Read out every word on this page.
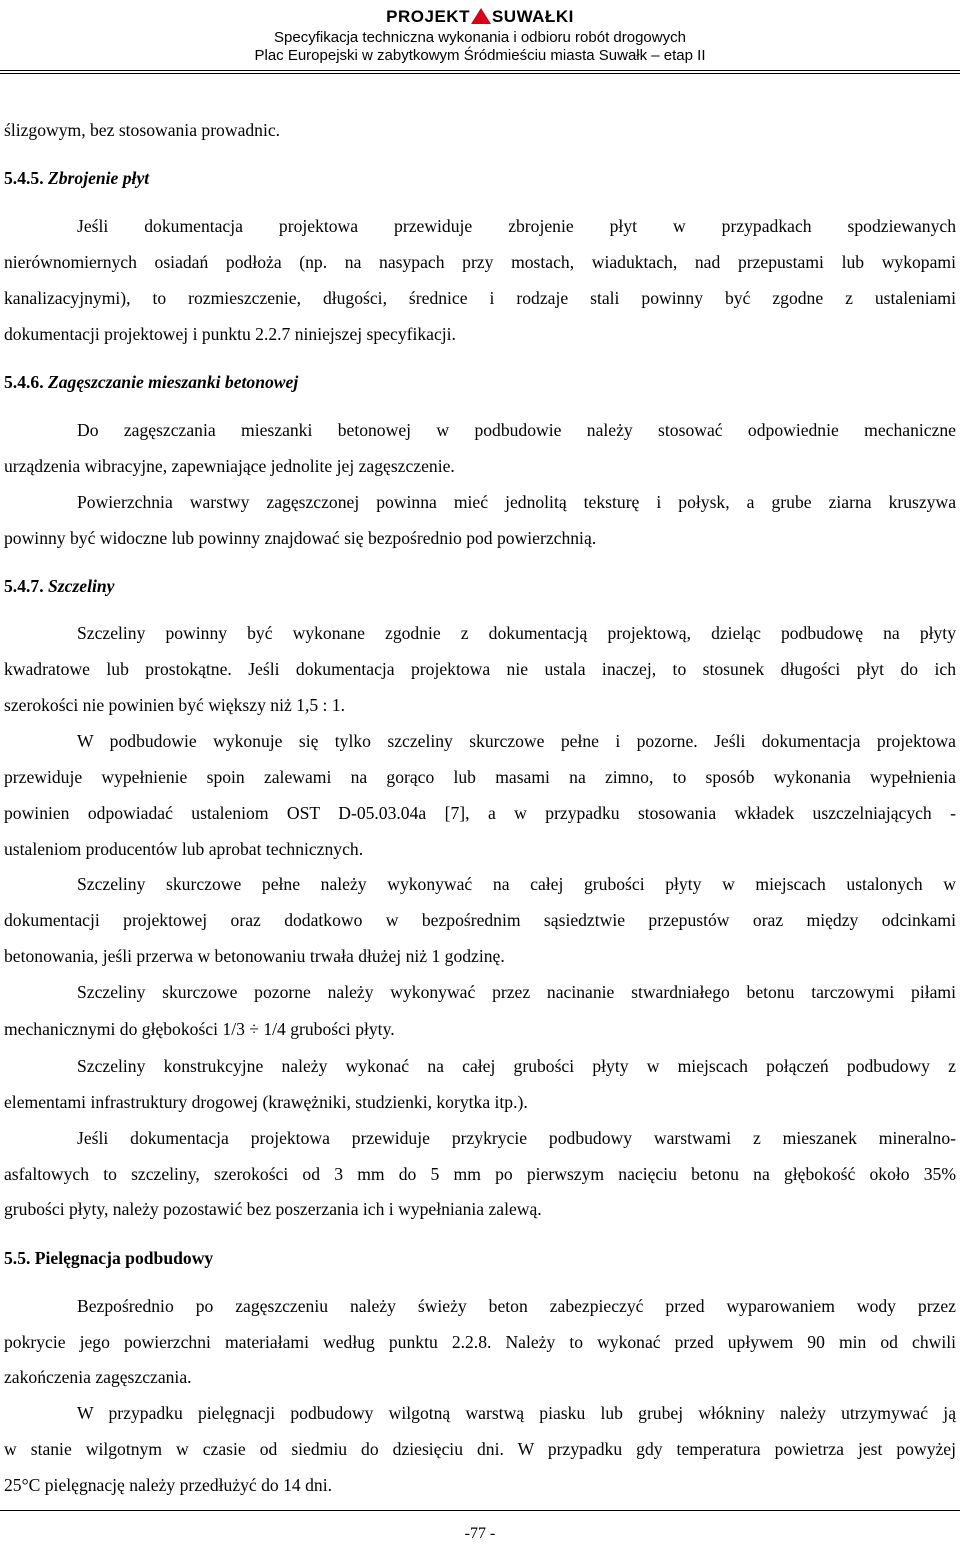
PROJEKT SUWAŁKI
Specyfikacja techniczna wykonania i odbioru robót drogowych
Plac Europejski w zabytkowym Śródmieściu miasta Suwałk – etap II
ślizgowym, bez stosowania prowadnic.
5.4.5. Zbrojenie płyt
Jeśli dokumentacja projektowa przewiduje zbrojenie płyt w przypadkach spodziewanych
nierównomiernych osiadań podłoża (np. na nasypach przy mostach, wiaduktach, nad przepustami lub wykopami
kanalizacyjnymi), to rozmieszczenie, długości, średnice i rodzaje stali powinny być zgodne z ustaleniami
dokumentacji projektowej i punktu 2.2.7 niniejszej specyfikacji.
5.4.6. Zagęszczanie mieszanki betonowej
Do zagęszczania mieszanki betonowej w podbudowie należy stosować odpowiednie mechaniczne
urządzenia wibracyjne, zapewniające jednolite jej zagęszczenie.
Powierzchnia warstwy zagęszczonej powinna mieć jednolitą teksturę i połysk, a grube ziarna kruszywa
powinny być widoczne lub powinny znajdować się bezpośrednio pod powierzchnią.
5.4.7. Szczeliny
Szczeliny powinny być wykonane zgodnie z dokumentacją projektową, dzieląc podbudowę na płyty
kwadratowe lub prostokątne. Jeśli dokumentacja projektowa nie ustala inaczej, to stosunek długości płyt do ich
szerokości nie powinien być większy niż 1,5 : 1.
W podbudowie wykonuje się tylko szczeliny skurczowe pełne i pozorne. Jeśli dokumentacja projektowa
przewiduje wypełnienie spoin zalewami na gorąco lub masami na zimno, to sposób wykonania wypełnienia
powinien odpowiadać ustaleniom OST D-05.03.04a [7], a w przypadku stosowania wkładek uszczelniających -
ustaleniom producentów lub aprobat technicznych.
Szczeliny skurczowe pełne należy wykonywać na całej grubości płyty w miejscach ustalonych w
dokumentacji projektowej oraz dodatkowo w bezpośrednim sąsiedztwie przepustów oraz między odcinkami
betonowania, jeśli przerwa w betonowaniu trwała dłużej niż 1 godzinę.
Szczeliny skurczowe pozorne należy wykonywać przez nacinanie stwardniałego betonu tarczowymi piłami
mechanicznymi do głębokości 1/3 ÷ 1/4 grubości płyty.
Szczeliny konstrukcyjne należy wykonać na całej grubości płyty w miejscach połączeń podbudowy z
elementami infrastruktury drogowej (krawężniki, studzienki, korytka itp.).
Jeśli dokumentacja projektowa przewiduje przykrycie podbudowy warstwami z mieszanek mineralno-
asfaltowych to szczeliny, szerokości od 3 mm do 5 mm po pierwszym nacięciu betonu na głębokość około 35%
grubości płyty, należy pozostawić bez poszerzania ich i wypełniania zalewą.
5.5. Pielęgnacja podbudowy
Bezpośrednio po zagęszczeniu należy świeży beton zabezpieczyć przed wyparowaniem wody przez
pokrycie jego powierzchni materiałami według punktu 2.2.8. Należy to wykonać przed upływem 90 min od chwili
zakończenia zagęszczania.
W przypadku pielęgnacji podbudowy wilgotną warstwą piasku lub grubej włókniny należy utrzymywać ją
w stanie wilgotnym w czasie od siedmiu do dziesięciu dni. W przypadku gdy temperatura powietrza jest powyżej
25°C pielęgnację należy przedłużyć do 14 dni.
-77 -
